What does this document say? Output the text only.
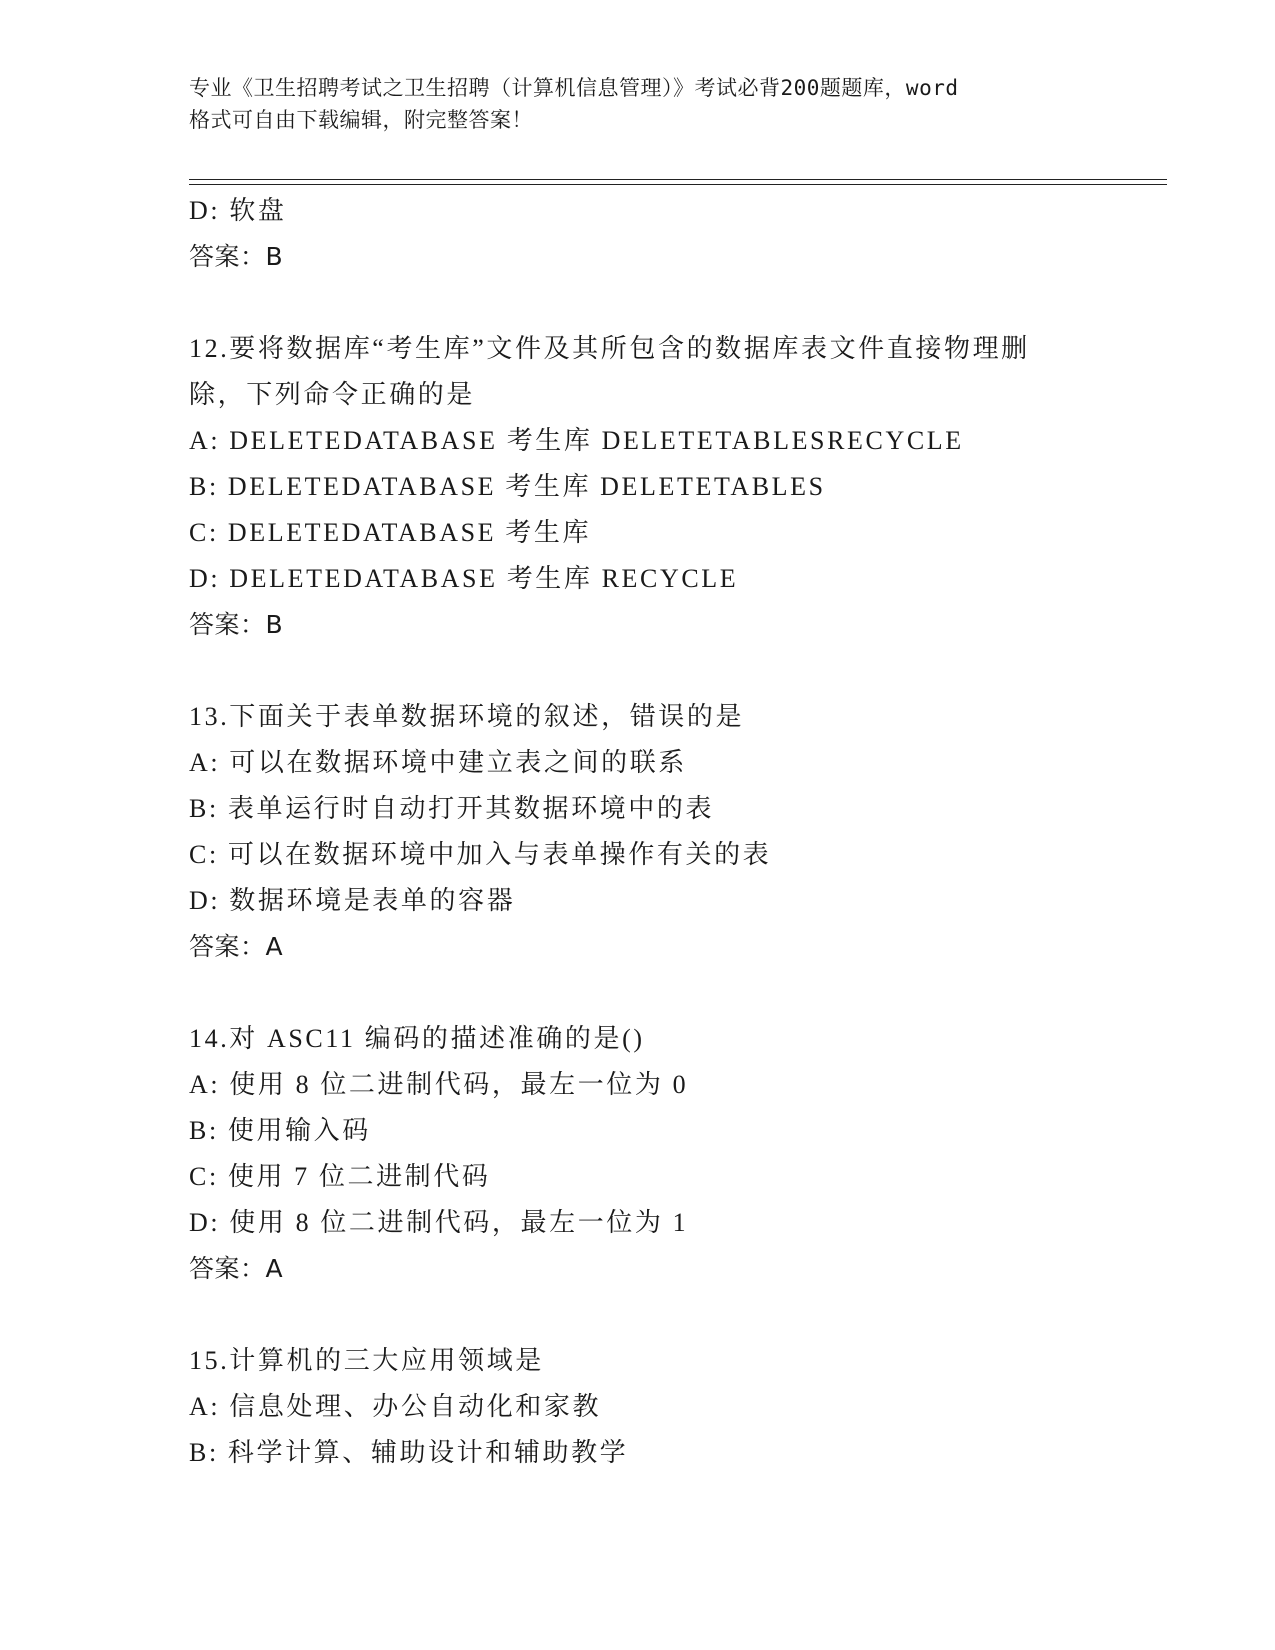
专业《卫生招聘考试之卫生招聘（计算机信息管理）》考试必背200题题库，word
格式可自由下载编辑，附完整答案！
D: 软盘
答案：B
12.要将数据库“考生库”文件及其所包含的数据库表文件直接物理删
除，下列命令正确的是
A: DELETEDATABASE 考生库 DELETETABLESRECYCLE
B: DELETEDATABASE 考生库 DELETETABLES
C: DELETEDATABASE 考生库
D: DELETEDATABASE 考生库 RECYCLE
答案：B
13.下面关于表单数据环境的叙述，错误的是
A: 可以在数据环境中建立表之间的联系
B: 表单运行时自动打开其数据环境中的表
C: 可以在数据环境中加入与表单操作有关的表
D: 数据环境是表单的容器
答案：A
14.对 ASC11 编码的描述准确的是()
A: 使用 8 位二进制代码，最左一位为 0
B: 使用输入码
C: 使用 7 位二进制代码
D: 使用 8 位二进制代码，最左一位为 1
答案：A
15.计算机的三大应用领域是
A: 信息处理、办公自动化和家教
B: 科学计算、辅助设计和辅助教学
